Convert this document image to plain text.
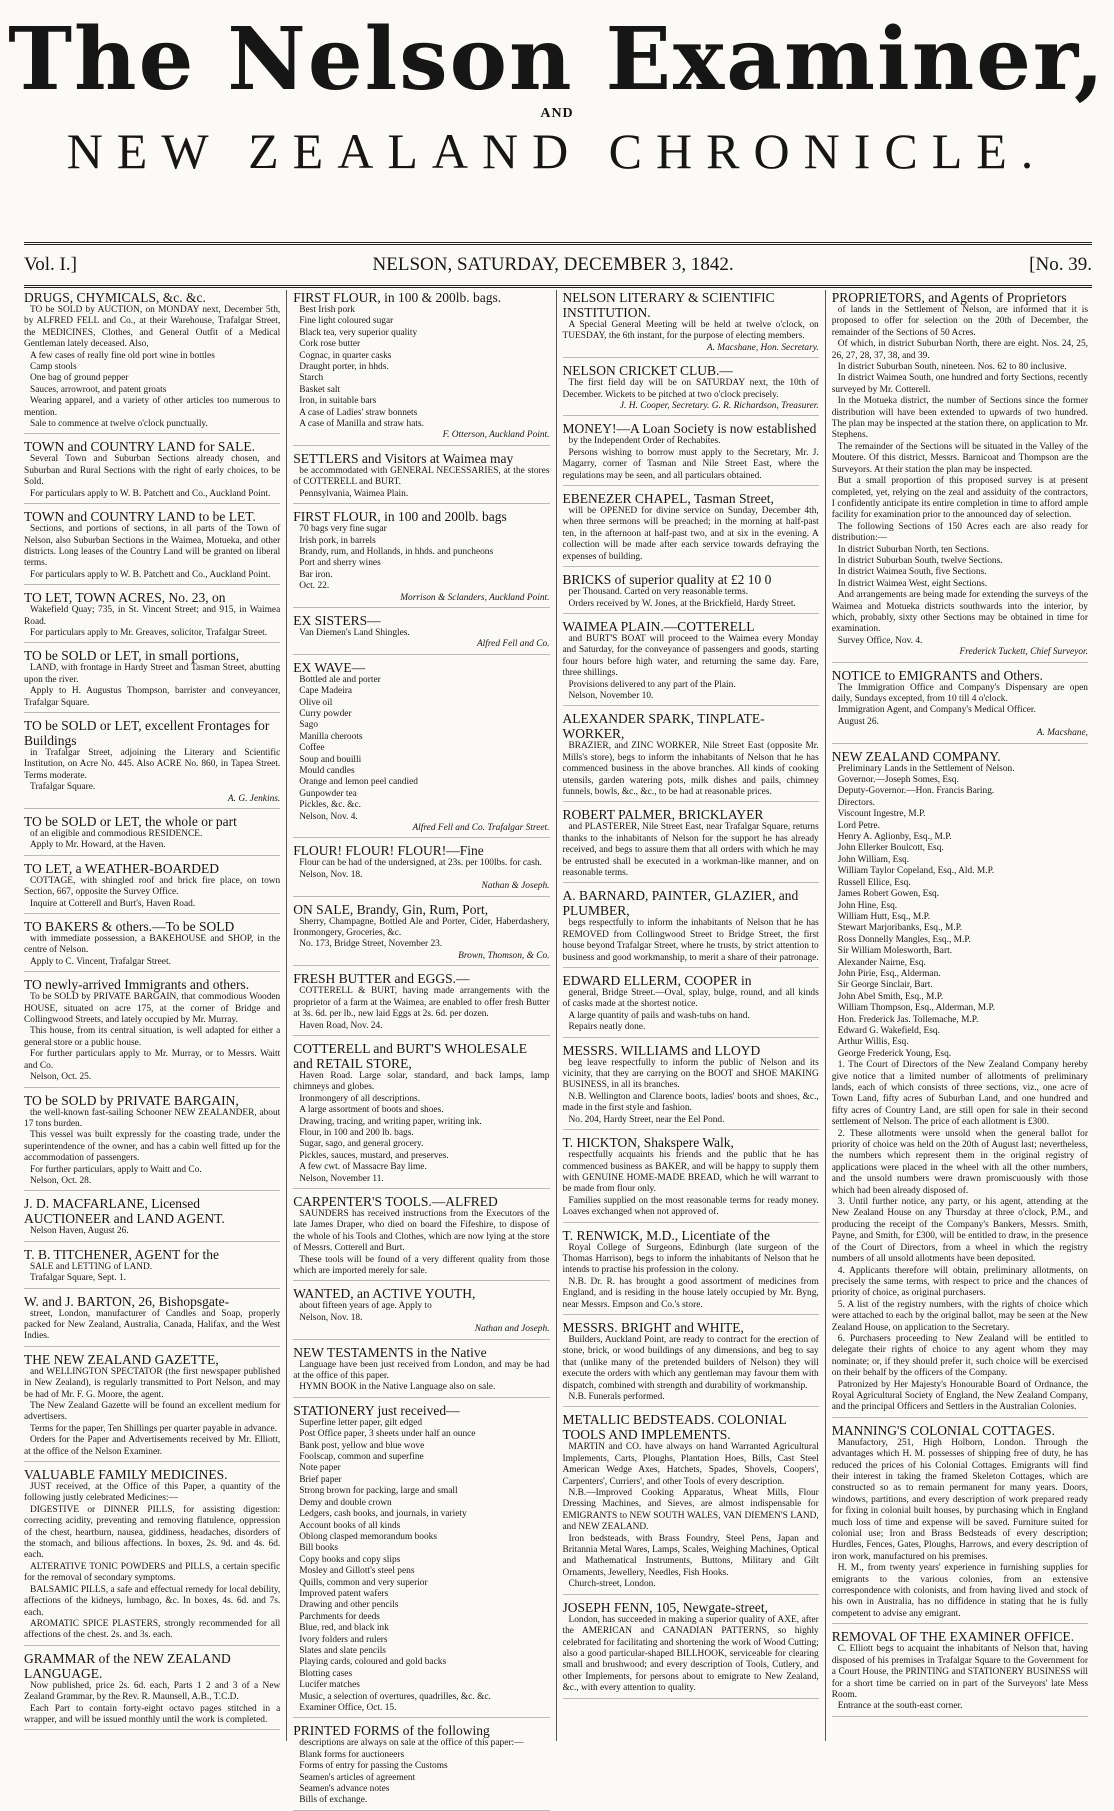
The Nelson Examiner,
AND
NEW ZEALAND CHRONICLE.
Vol. I.]	NELSON, SATURDAY, DECEMBER 3, 1842.	[No. 39.
DRUGS, CHYMICALS, &c. &c.

TO be SOLD by AUCTION, on MONDAY next, December 5th, by ALFRED FELL and Co., at their Warehouse, Trafalgar Street, the MEDICINES, Clothes, and General Outfit of a Medical Gentleman lately deceased. Also,

A few cases of really fine old port wine in bottles

Camp stools

One bag of ground pepper

Sauces, arrowroot, and patent groats

Wearing apparel, and a variety of other articles too numerous to mention.

Sale to commence at twelve o'clock punctually.

TOWN and COUNTRY LAND for SALE.

Several Town and Suburban Sections already chosen, and Suburban and Rural Sections with the right of early choices, to be Sold.

For particulars apply to W. B. Patchett and Co., Auckland Point.

TOWN and COUNTRY LAND to be LET.

Sections, and portions of sections, in all parts of the Town of Nelson, also Suburban Sections in the Waimea, Motueka, and other districts. Long leases of the Country Land will be granted on liberal terms.

For particulars apply to W. B. Patchett and Co., Auckland Point.

TO LET, TOWN ACRES, No. 23, on

Wakefield Quay; 735, in St. Vincent Street; and 915, in Waimea Road.

For particulars apply to Mr. Greaves, solicitor, Trafalgar Street.

TO be SOLD or LET, in small portions,

LAND, with frontage in Hardy Street and Tasman Street, abutting upon the river.

Apply to H. Augustus Thompson, barrister and conveyancer, Trafalgar Square.

TO be SOLD or LET, excellent Frontages for Buildings

in Trafalgar Street, adjoining the Literary and Scientific Institution, on Acre No. 445. Also ACRE No. 860, in Tapea Street. Terms moderate.

Trafalgar Square.

A. G. Jenkins.

TO be SOLD or LET, the whole or part

of an eligible and commodious RESIDENCE.

Apply to Mr. Howard, at the Haven.

TO LET, a WEATHER-BOARDED

COTTAGE, with shingled roof and brick fire place, on town Section, 667, opposite the Survey Office.

Inquire at Cotterell and Burt's, Haven Road.

TO BAKERS & others.—To be SOLD

with immediate possession, a BAKEHOUSE and SHOP, in the centre of Nelson.

Apply to C. Vincent, Trafalgar Street.

TO newly-arrived Immigrants and others.

To be SOLD by PRIVATE BARGAIN, that commodious Wooden HOUSE, situated on acre 175, at the corner of Bridge and Collingwood Streets, and lately occupied by Mr. Murray.

This house, from its central situation, is well adapted for either a general store or a public house.

For further particulars apply to Mr. Murray, or to Messrs. Waitt and Co.

Nelson, Oct. 25.

TO be SOLD by PRIVATE BARGAIN,

the well-known fast-sailing Schooner NEW ZEALANDER, about 17 tons burden.

This vessel was built expressly for the coasting trade, under the superintendence of the owner, and has a cabin well fitted up for the accommodation of passengers.

For further particulars, apply to Waitt and Co.

Nelson, Oct. 28.

J. D. MACFARLANE, Licensed AUCTIONEER and LAND AGENT.

Nelson Haven, August 26.

T. B. TITCHENER, AGENT for the

SALE and LETTING of LAND.

Trafalgar Square, Sept. 1.

W. and J. BARTON, 26, Bishopsgate-

street, London, manufacturer of Candles and Soap, properly packed for New Zealand, Australia, Canada, Halifax, and the West Indies.

THE NEW ZEALAND GAZETTE,

and WELLINGTON SPECTATOR (the first newspaper published in New Zealand), is regularly transmitted to Port Nelson, and may be had of Mr. F. G. Moore, the agent.

The New Zealand Gazette will be found an excellent medium for advertisers.

Terms for the paper, Ten Shillings per quarter payable in advance.

Orders for the Paper and Advertisements received by Mr. Elliott, at the office of the Nelson Examiner.

VALUABLE FAMILY MEDICINES.

JUST received, at the Office of this Paper, a quantity of the following justly celebrated Medicines:—

DIGESTIVE or DINNER PILLS, for assisting digestion: correcting acidity, preventing and removing flatulence, oppression of the chest, heartburn, nausea, giddiness, headaches, disorders of the stomach, and bilious affections. In boxes, 2s. 9d. and 4s. 6d. each.

ALTERATIVE TONIC POWDERS and PILLS, a certain specific for the removal of secondary symptoms.

BALSAMIC PILLS, a safe and effectual remedy for local debility, affections of the kidneys, lumbago, &c. In boxes, 4s. 6d. and 7s. each.

AROMATIC SPICE PLASTERS, strongly recommended for all affections of the chest. 2s. and 3s. each.

GRAMMAR of the NEW ZEALAND LANGUAGE.

Now published, price 2s. 6d. each, Parts 1 2 and 3 of a New Zealand Grammar, by the Rev. R. Maunsell, A.B., T.C.D.

Each Part to contain forty-eight octavo pages stitched in a wrapper, and will be issued monthly until the work is completed.

FIRST FLOUR, in 100 & 200lb. bags.

Best Irish pork

Fine light coloured sugar

Black tea, very superior quality

Cork rose butter

Cognac, in quarter casks

Draught porter, in hhds.

Starch

Basket salt

Iron, in suitable bars

A case of Ladies' straw bonnets

A case of Manilla and straw hats.

F. Otterson, Auckland Point.

SETTLERS and Visitors at Waimea may

be accommodated with GENERAL NECESSARIES, at the stores of COTTERELL and BURT.

Pennsylvania, Waimea Plain.

FIRST FLOUR, in 100 and 200lb. bags

70 bags very fine sugar

Irish pork, in barrels

Brandy, rum, and Hollands, in hhds. and puncheons

Port and sherry wines

Bar iron.

Oct. 22.

Morrison & Sclanders, Auckland Point.

EX SISTERS—

Van Diemen's Land Shingles.

Alfred Fell and Co.

EX WAVE—

Bottled ale and porter

Cape Madeira

Olive oil

Curry powder

Sago

Manilla cheroots

Coffee

Soup and bouilli

Mould candles

Orange and lemon peel candied

Gunpowder tea

Pickles, &c. &c.

Nelson, Nov. 4.

Alfred Fell and Co. Trafalgar Street.

FLOUR! FLOUR! FLOUR!—Fine

Flour can be had of the undersigned, at 23s. per 100lbs. for cash.

Nelson, Nov. 18.

Nathan & Joseph.

ON SALE, Brandy, Gin, Rum, Port,

Sherry, Champagne, Bottled Ale and Porter, Cider, Haberdashery, Ironmongery, Groceries, &c.

No. 173, Bridge Street, November 23.

Brown, Thomson, & Co.

FRESH BUTTER and EGGS.—

COTTERELL & BURT, having made arrangements with the proprietor of a farm at the Waimea, are enabled to offer fresh Butter at 3s. 6d. per lb., new laid Eggs at 2s. 6d. per dozen.

Haven Road, Nov. 24.

COTTERELL and BURT'S WHOLESALE and RETAIL STORE,

Haven Road. Large solar, standard, and back lamps, lamp chimneys and globes.

Ironmongery of all descriptions.

A large assortment of boots and shoes.

Drawing, tracing, and writing paper, writing ink.

Flour, in 100 and 200 lb. bags.

Sugar, sago, and general grocery.

Pickles, sauces, mustard, and preserves.

A few cwt. of Massacre Bay lime.

Nelson, November 11.

CARPENTER'S TOOLS.—ALFRED

SAUNDERS has received instructions from the Executors of the late James Draper, who died on board the Fifeshire, to dispose of the whole of his Tools and Clothes, which are now lying at the store of Messrs. Cotterell and Burt.

These tools will be found of a very different quality from those which are imported merely for sale.

WANTED, an ACTIVE YOUTH,

about fifteen years of age. Apply to

Nelson, Nov. 18.

Nathan and Joseph.

NEW TESTAMENTS in the Native

Language have been just received from London, and may be had at the office of this paper.

HYMN BOOK in the Native Language also on sale.

STATIONERY just received—

Superfine letter paper, gilt edged

Post Office paper, 3 sheets under half an ounce

Bank post, yellow and blue wove

Foolscap, common and superfine

Note paper

Brief paper

Strong brown for packing, large and small

Demy and double crown

Ledgers, cash books, and journals, in variety

Account books of all kinds

Oblong clasped memorandum books

Bill books

Copy books and copy slips

Mosley and Gillott's steel pens

Quills, common and very superior

Improved patent wafers

Drawing and other pencils

Parchments for deeds

Blue, red, and black ink

Ivory folders and rulers

Slates and slate pencils

Playing cards, coloured and gold backs

Blotting cases

Lucifer matches

Music, a selection of overtures, quadrilles, &c. &c.

Examiner Office, Oct. 15.

PRINTED FORMS of the following

descriptions are always on sale at the office of this paper:—

Blank forms for auctioneers

Forms of entry for passing the Customs

Seamen's articles of agreement

Seamen's advance notes

Bills of exchange.

NELSON LITERARY & SCIENTIFIC INSTITUTION.

A Special General Meeting will be held at twelve o'clock, on TUESDAY, the 6th instant, for the purpose of electing members.

A. Macshane, Hon. Secretary.

NELSON CRICKET CLUB.—

The first field day will be on SATURDAY next, the 10th of December. Wickets to be pitched at two o'clock precisely.

J. H. Cooper, Secretary. G. R. Richardson, Treasurer.

MONEY!—A Loan Society is now established

by the Independent Order of Rechabites.

Persons wishing to borrow must apply to the Secretary, Mr. J. Magarry, corner of Tasman and Nile Street East, where the regulations may be seen, and all particulars obtained.

EBENEZER CHAPEL, Tasman Street,

will be OPENED for divine service on Sunday, December 4th, when three sermons will be preached; in the morning at half-past ten, in the afternoon at half-past two, and at six in the evening. A collection will be made after each service towards defraying the expenses of building.

BRICKS of superior quality at £2 10 0

per Thousand. Carted on very reasonable terms.

Orders received by W. Jones, at the Brickfield, Hardy Street.

WAIMEA PLAIN.—COTTERELL

and BURT'S BOAT will proceed to the Waimea every Monday and Saturday, for the conveyance of passengers and goods, starting four hours before high water, and returning the same day. Fare, three shillings.

Provisions delivered to any part of the Plain.

Nelson, November 10.

ALEXANDER SPARK, TINPLATE-WORKER,

BRAZIER, and ZINC WORKER, Nile Street East (opposite Mr. Mills's store), begs to inform the inhabitants of Nelson that he has commenced business in the above branches. All kinds of cooking utensils, garden watering pots, milk dishes and pails, chimney funnels, bowls, &c., &c., to be had at reasonable prices.

ROBERT PALMER, BRICKLAYER

and PLASTERER, Nile Street East, near Trafalgar Square, returns thanks to the inhabitants of Nelson for the support he has already received, and begs to assure them that all orders with which he may be entrusted shall be executed in a workman-like manner, and on reasonable terms.

A. BARNARD, PAINTER, GLAZIER, and PLUMBER,

begs respectfully to inform the inhabitants of Nelson that he has REMOVED from Collingwood Street to Bridge Street, the first house beyond Trafalgar Street, where he trusts, by strict attention to business and good workmanship, to merit a share of their patronage.

EDWARD ELLERM, COOPER in

general, Bridge Street.—Oval, splay, bulge, round, and all kinds of casks made at the shortest notice.

A large quantity of pails and wash-tubs on hand.

Repairs neatly done.

MESSRS. WILLIAMS and LLOYD

beg leave respectfully to inform the public of Nelson and its vicinity, that they are carrying on the BOOT and SHOE MAKING BUSINESS, in all its branches.

N.B. Wellington and Clarence boots, ladies' boots and shoes, &c., made in the first style and fashion.

No. 204, Hardy Street, near the Eel Pond.

T. HICKTON, Shakspere Walk,

respectfully acquaints his friends and the public that he has commenced business as BAKER, and will be happy to supply them with GENUINE HOME-MADE BREAD, which he will warrant to be made from flour only.

Families supplied on the most reasonable terms for ready money. Loaves exchanged when not approved of.

T. RENWICK, M.D., Licentiate of the

Royal College of Surgeons, Edinburgh (late surgeon of the Thomas Harrison), begs to inform the inhabitants of Nelson that he intends to practise his profession in the colony.

N.B. Dr. R. has brought a good assortment of medicines from England, and is residing in the house lately occupied by Mr. Byng, near Messrs. Empson and Co.'s store.

MESSRS. BRIGHT and WHITE,

Builders, Auckland Point, are ready to contract for the erection of stone, brick, or wood buildings of any dimensions, and beg to say that (unlike many of the pretended builders of Nelson) they will execute the orders with which any gentleman may favour them with dispatch, combined with strength and durability of workmanship.

N.B. Funerals performed.

METALLIC BEDSTEADS. COLONIAL TOOLS AND IMPLEMENTS.

MARTIN and CO. have always on hand Warranted Agricultural Implements, Carts, Ploughs, Plantation Hoes, Bills, Cast Steel American Wedge Axes, Hatchets, Spades, Shovels, Coopers', Carpenters', Curriers', and other Tools of every description.

N.B.—Improved Cooking Apparatus, Wheat Mills, Flour Dressing Machines, and Sieves, are almost indispensable for EMIGRANTS to NEW SOUTH WALES, VAN DIEMEN'S LAND, and NEW ZEALAND.

Iron bedsteads, with Brass Foundry, Steel Pens, Japan and Britannia Metal Wares, Lamps, Scales, Weighing Machines, Optical and Mathematical Instruments, Buttons, Military and Gilt Ornaments, Jewellery, Needles, Fish Hooks.

Church-street, London.

JOSEPH FENN, 105, Newgate-street,

London, has succeeded in making a superior quality of AXE, after the AMERICAN and CANADIAN PATTERNS, so highly celebrated for facilitating and shortening the work of Wood Cutting; also a good particular-shaped BILLHOOK, serviceable for clearing small and brushwood; and every description of Tools, Cutlery, and other Implements, for persons about to emigrate to New Zealand, &c., with every attention to quality.

PROPRIETORS, and Agents of Proprietors

of lands in the Settlement of Nelson, are informed that it is proposed to offer for selection on the 20th of December, the remainder of the Sections of 50 Acres.

Of which, in district Suburban North, there are eight. Nos. 24, 25, 26, 27, 28, 37, 38, and 39.

In district Suburban South, nineteen. Nos. 62 to 80 inclusive.

In district Waimea South, one hundred and forty Sections, recently surveyed by Mr. Cotterell.

In the Motueka district, the number of Sections since the former distribution will have been extended to upwards of two hundred. The plan may be inspected at the station there, on application to Mr. Stephens.

The remainder of the Sections will be situated in the Valley of the Moutere. Of this district, Messrs. Barnicoat and Thompson are the Surveyors. At their station the plan may be inspected.

But a small proportion of this proposed survey is at present completed, yet, relying on the zeal and assiduity of the contractors, I confidently anticipate its entire completion in time to afford ample facility for examination prior to the announced day of selection.

The following Sections of 150 Acres each are also ready for distribution:—

In district Suburban North, ten Sections.

In district Suburban South, twelve Sections.

In district Waimea South, five Sections.

In district Waimea West, eight Sections.

And arrangements are being made for extending the surveys of the Waimea and Motueka districts southwards into the interior, by which, probably, sixty other Sections may be obtained in time for examination.

Survey Office, Nov. 4.

Frederick Tuckett, Chief Surveyor.

NOTICE to EMIGRANTS and Others.

The Immigration Office and Company's Dispensary are open daily, Sundays excepted, from 10 till 4 o'clock.

Immigration Agent, and Company's Medical Officer.

August 26.

A. Macshane,

NEW ZEALAND COMPANY.

Preliminary Lands in the Settlement of Nelson.

Governor.—Joseph Somes, Esq.

Deputy-Governor.—Hon. Francis Baring.

Directors.

Viscount Ingestre, M.P.

Lord Petre.

Henry A. Aglionby, Esq., M.P.

John Ellerker Boulcott, Esq.

John William, Esq.

William Taylor Copeland, Esq., Ald. M.P.

Russell Ellice, Esq.

James Robert Gowen, Esq.

John Hine, Esq.

William Hutt, Esq., M.P.

Stewart Marjoribanks, Esq., M.P.

Ross Donnelly Mangles, Esq., M.P.

Sir William Molesworth, Bart.

Alexander Nairne, Esq.

John Pirie, Esq., Alderman.

Sir George Sinclair, Bart.

John Abel Smith, Esq., M.P.

William Thompson, Esq., Alderman, M.P.

Hon. Frederick Jas. Tollemache, M.P.

Edward G. Wakefield, Esq.

Arthur Willis, Esq.

George Frederick Young, Esq.

1. The Court of Directors of the New Zealand Company hereby give notice that a limited number of allotments of preliminary lands, each of which consists of three sections, viz., one acre of Town Land, fifty acres of Suburban Land, and one hundred and fifty acres of Country Land, are still open for sale in their second settlement of Nelson. The price of each allotment is £300.

2. These allotments were unsold when the general ballot for priority of choice was held on the 20th of August last; nevertheless, the numbers which represent them in the original registry of applications were placed in the wheel with all the other numbers, and the unsold numbers were drawn promiscuously with those which had been already disposed of.

3. Until further notice, any party, or his agent, attending at the New Zealand House on any Thursday at three o'clock, P.M., and producing the receipt of the Company's Bankers, Messrs. Smith, Payne, and Smith, for £300, will be entitled to draw, in the presence of the Court of Directors, from a wheel in which the registry numbers of all unsold allotments have been deposited.

4. Applicants therefore will obtain, preliminary allotments, on precisely the same terms, with respect to price and the chances of priority of choice, as original purchasers.

5. A list of the registry numbers, with the rights of choice which were attached to each by the original ballot, may be seen at the New Zealand House, on application to the Secretary.

6. Purchasers proceeding to New Zealand will be entitled to delegate their rights of choice to any agent whom they may nominate; or, if they should prefer it, such choice will be exercised on their behalf by the officers of the Company.

Patronized by Her Majesty's Honourable Board of Ordnance, the Royal Agricultural Society of England, the New Zealand Company, and the principal Officers and Settlers in the Australian Colonies.

MANNING'S COLONIAL COTTAGES.

Manufactory, 251, High Holborn, London. Through the advantages which H. M. possesses of shipping free of duty, he has reduced the prices of his Colonial Cottages. Emigrants will find their interest in taking the framed Skeleton Cottages, which are constructed so as to remain permanent for many years. Doors, windows, partitions, and every description of work prepared ready for fixing in colonial built houses, by purchasing which in England much loss of time and expense will be saved. Furniture suited for colonial use; Iron and Brass Bedsteads of every description; Hurdles, Fences, Gates, Ploughs, Harrows, and every description of iron work, manufactured on his premises.

H. M., from twenty years' experience in furnishing supplies for emigrants to the various colonies, from an extensive correspondence with colonists, and from having lived and stock of his own in Australia, has no diffidence in stating that he is fully competent to advise any emigrant.

REMOVAL OF THE EXAMINER OFFICE.

C. Elliott begs to acquaint the inhabitants of Nelson that, having disposed of his premises in Trafalgar Square to the Government for a Court House, the PRINTING and STATIONERY BUSINESS will for a short time be carried on in part of the Surveyors' late Mess Room.

Entrance at the south-east corner.
